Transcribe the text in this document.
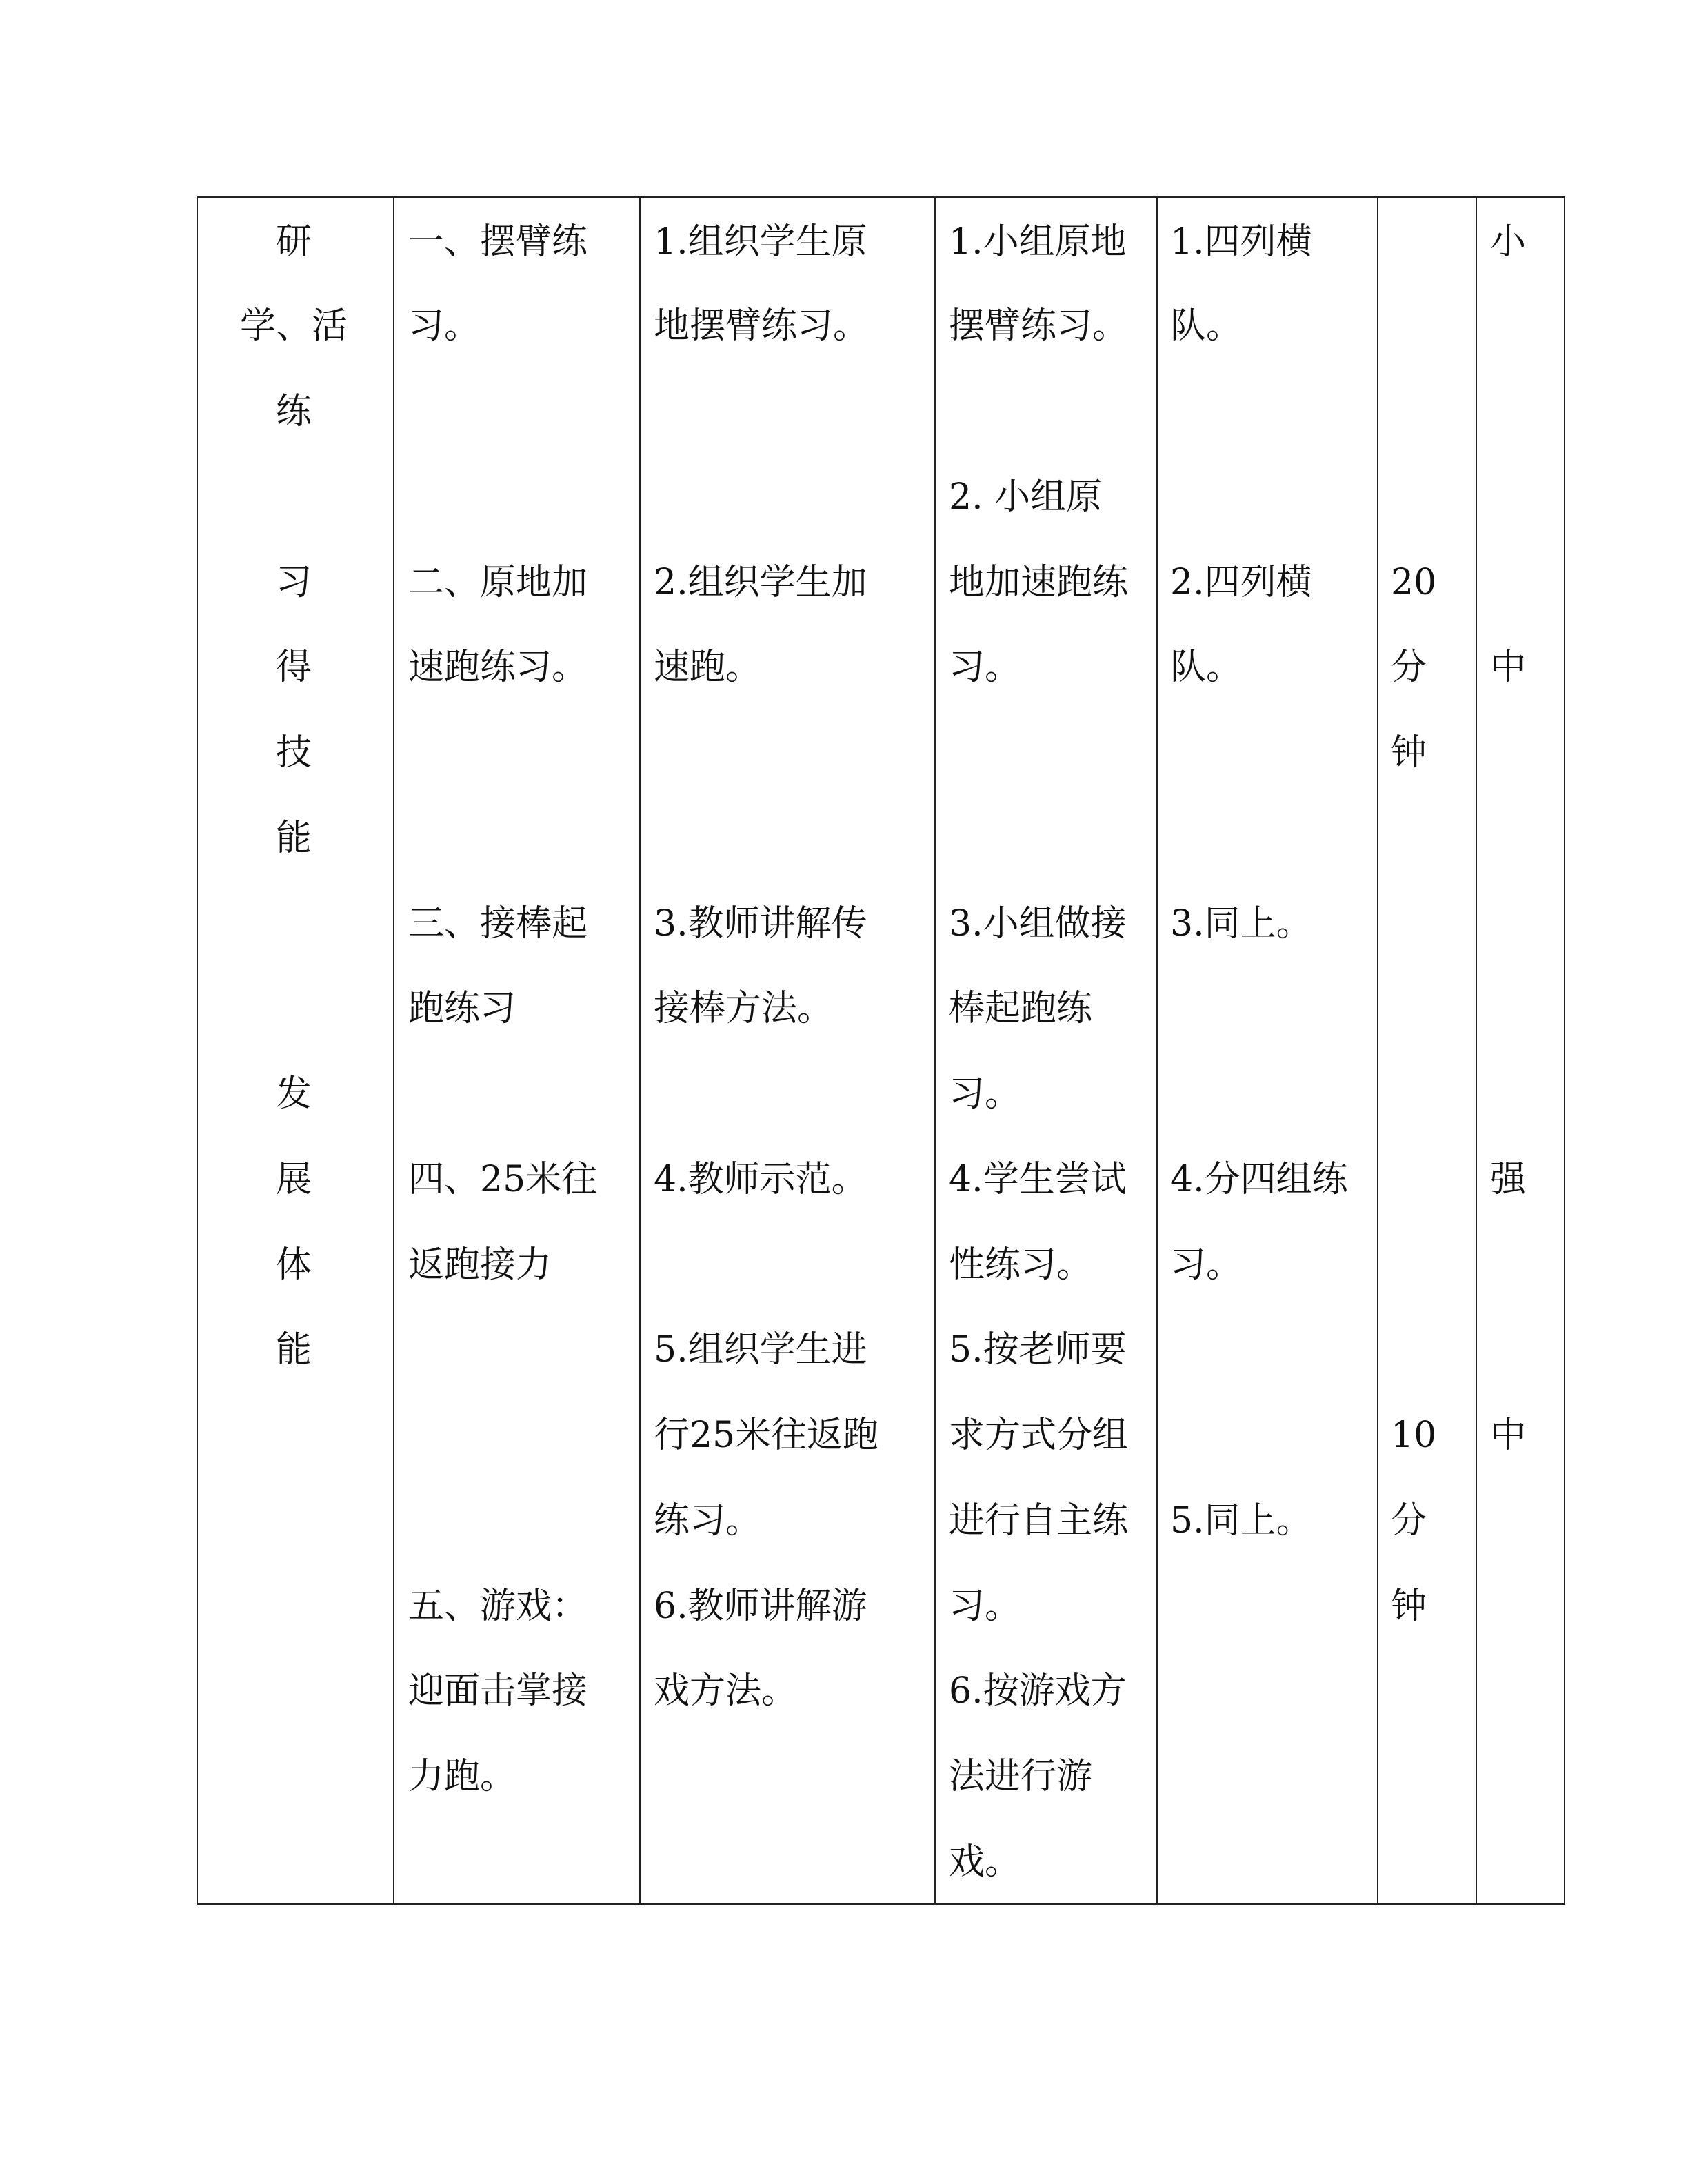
研
学、活
练
习
得
技
能
发
展
体
能
一、摆臂练
习。
二、原地加
速跑练习。
三、接棒起
跑练习
四、25米往
返跑接力
五、游戏：
迎面击掌接
力跑。
1.组织学生原
地摆臂练习。
2.组织学生加
速跑。
3.教师讲解传
接棒方法。
4.教师示范。
5.组织学生进
行25米往返跑
练习。
6.教师讲解游
戏方法。
1.小组原地
摆臂练习。
2. 小组原
地加速跑练
习。
3.小组做接
棒起跑练
习。
4.学生尝试
性练习。
5.按老师要
求方式分组
进行自主练
习。
6.按游戏方
法进行游
戏。
1.四列横
队。
2.四列横
队。
3.同上。
4.分四组练
习。
5.同上。
20
分
钟
10
分
钟
小
中
强
中
